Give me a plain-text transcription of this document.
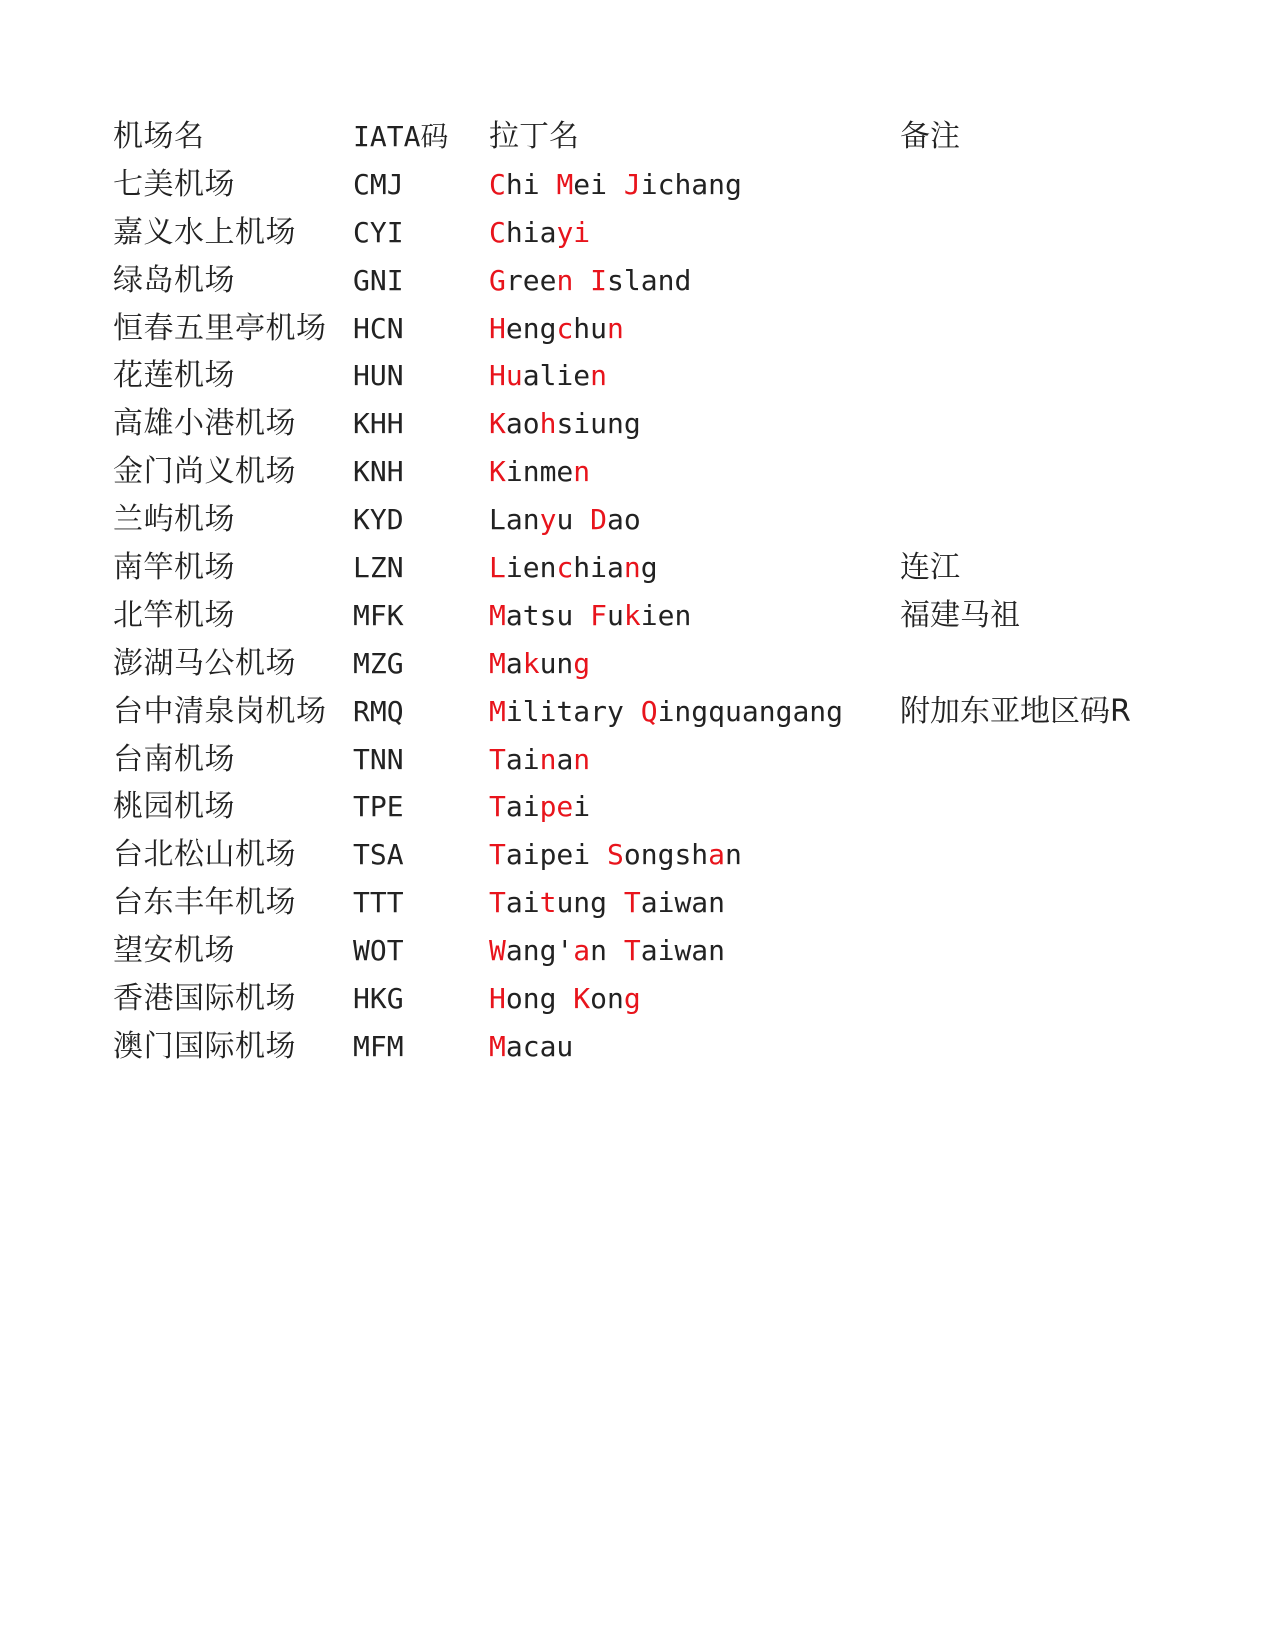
机场名	IATA码	拉丁名	备注
七美机场	CMJ	Chi Mei Jichang
嘉义水上机场	CYI	Chiayi
绿岛机场	GNI	Green Island
恒春五里亭机场 HCN	Hengchun
花莲机场	HUN	Hualien
高雄小港机场	KHH	Kaohsiung
金门尚义机场	KNH	Kinmen
兰屿机场	KYD	Lanyu Dao
南竿机场	LZN	Lienchiang	连江
北竿机场	MFK	Matsu Fukien	福建马祖
澎湖马公机场	MZG	Makung
台中清泉岗机场 RMQ	Military Qingquangang	附加东亚地区码R
台南机场	TNN	Tainan
桃园机场	TPE	Taipei
台北松山机场	TSA	Taipei Songshan
台东丰年机场	TTT	Taitung Taiwan
望安机场	WOT	Wang'an Taiwan
香港国际机场	HKG	Hong Kong
澳门国际机场	MFM	Macau
